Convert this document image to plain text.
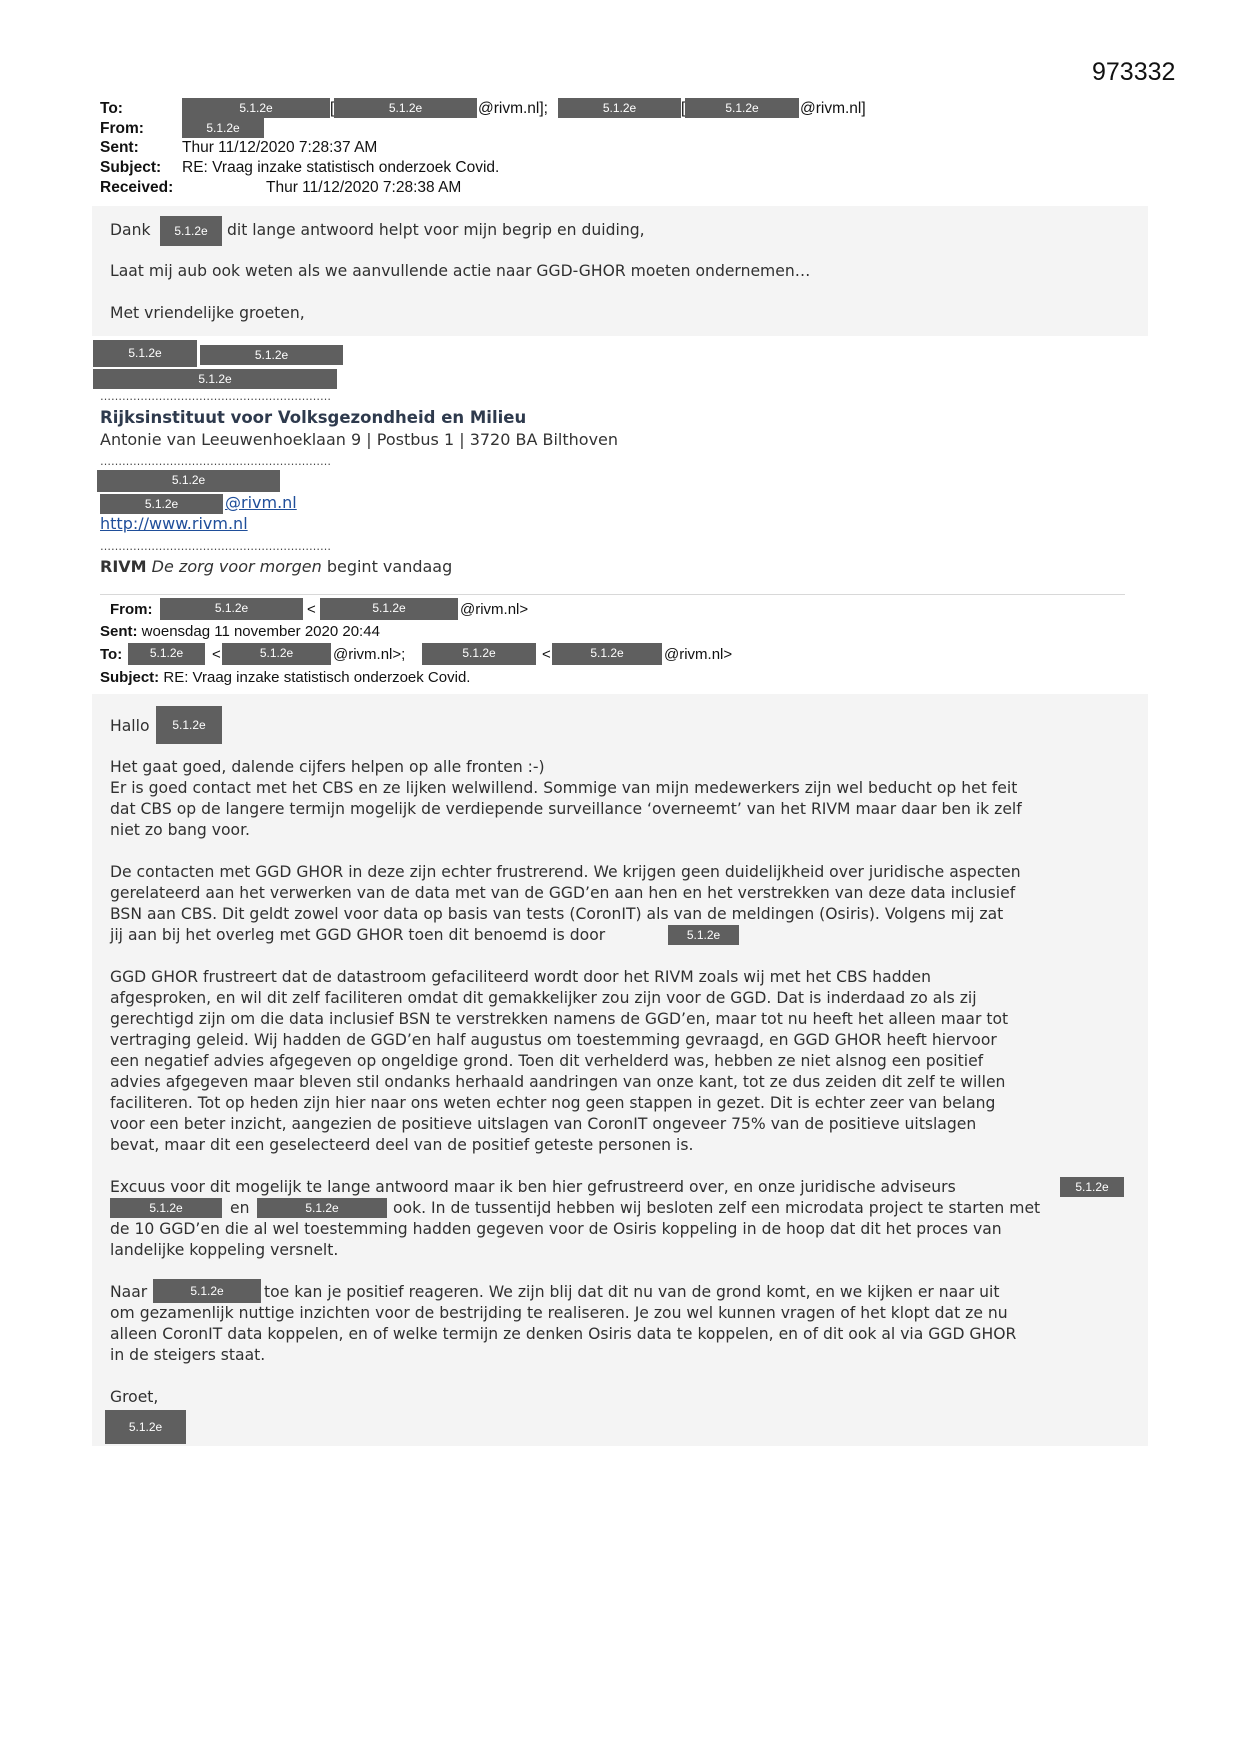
973332
To:	5.1.2e	[	5.1.2e	@rivm.nl];	5.1.2e	[	5.1.2e	@rivm.nl]
From:	5.1.2e
Sent:	Thur 11/12/2020 7:28:37 AM
Subject: RE: Vraag inzake statistisch onderzoek Covid.
Received:	Thur 11/12/2020 7:28:38 AM
Dank	5.1.2e	dit lange antwoord helpt voor mijn begrip en duiding,
Laat mij aub ook weten als we aanvullende actie naar GGD-GHOR moeten ondernemen…
Met vriendelijke groeten,
5.1.2e	5.1.2e
5.1.2e
………………………………………………………
Rijksinstituut voor Volksgezondheid en Milieu
Antonie van Leeuwenhoeklaan 9 | Postbus 1 | 3720 BA Bilthoven
………………………………………………………
5.1.2e
5.1.2e	@rivm.nl
http://www.rivm.nl
………………………………………………………
RIVM De zorg voor morgen begint vandaag
From:	5.1.2e	<	5.1.2e	@rivm.nl>
Sent: woensdag 11 november 2020 20:44
To:	5.1.2e	<	5.1.2e	@rivm.nl>;	5.1.2e	<	5.1.2e	@rivm.nl>
Subject: RE: Vraag inzake statistisch onderzoek Covid.
Hallo	5.1.2e
Het gaat goed, dalende cijfers helpen op alle fronten :-)
Er is goed contact met het CBS en ze lijken welwillend. Sommige van mijn medewerkers zijn wel beducht op het feit
dat CBS op de langere termijn mogelijk de verdiepende surveillance ‘overneemt’ van het RIVM maar daar ben ik zelf
niet zo bang voor.
De contacten met GGD GHOR in deze zijn echter frustrerend. We krijgen geen duidelijkheid over juridische aspecten
gerelateerd aan het verwerken van de data met van de GGD’en aan hen en het verstrekken van deze data inclusief
BSN aan CBS. Dit geldt zowel voor data op basis van tests (CoronIT) als van de meldingen (Osiris). Volgens mij zat
jij aan bij het overleg met GGD GHOR toen dit benoemd is door	5.1.2e
GGD GHOR frustreert dat de datastroom gefaciliteerd wordt door het RIVM zoals wij met het CBS hadden
afgesproken, en wil dit zelf faciliteren omdat dit gemakkelijker zou zijn voor de GGD. Dat is inderdaad zo als zij
gerechtigd zijn om die data inclusief BSN te verstrekken namens de GGD’en, maar tot nu heeft het alleen maar tot
vertraging geleid. Wij hadden de GGD’en half augustus om toestemming gevraagd, en GGD GHOR heeft hiervoor
een negatief advies afgegeven op ongeldige grond. Toen dit verhelderd was, hebben ze niet alsnog een positief
advies afgegeven maar bleven stil ondanks herhaald aandringen van onze kant, tot ze dus zeiden dit zelf te willen
faciliteren. Tot op heden zijn hier naar ons weten echter nog geen stappen in gezet. Dit is echter zeer van belang
voor een beter inzicht, aangezien de positieve uitslagen van CoronIT ongeveer 75% van de positieve uitslagen
bevat, maar dit een geselecteerd deel van de positief geteste personen is.
Excuus voor dit mogelijk te lange antwoord maar ik ben hier gefrustreerd over, en onze juridische adviseurs	5.1.2e
5.1.2e	en	5.1.2e	ook. In de tussentijd hebben wij besloten zelf een microdata project te starten met
de 10 GGD’en die al wel toestemming hadden gegeven voor de Osiris koppeling in de hoop dat dit het proces van
landelijke koppeling versnelt.
Naar	5.1.2e	toe kan je positief reageren. We zijn blij dat dit nu van de grond komt, en we kijken er naar uit
om gezamenlijk nuttige inzichten voor de bestrijding te realiseren. Je zou wel kunnen vragen of het klopt dat ze nu
alleen CoronIT data koppelen, en of welke termijn ze denken Osiris data te koppelen, en of dit ook al via GGD GHOR
in de steigers staat.
Groet,
5.1.2e
